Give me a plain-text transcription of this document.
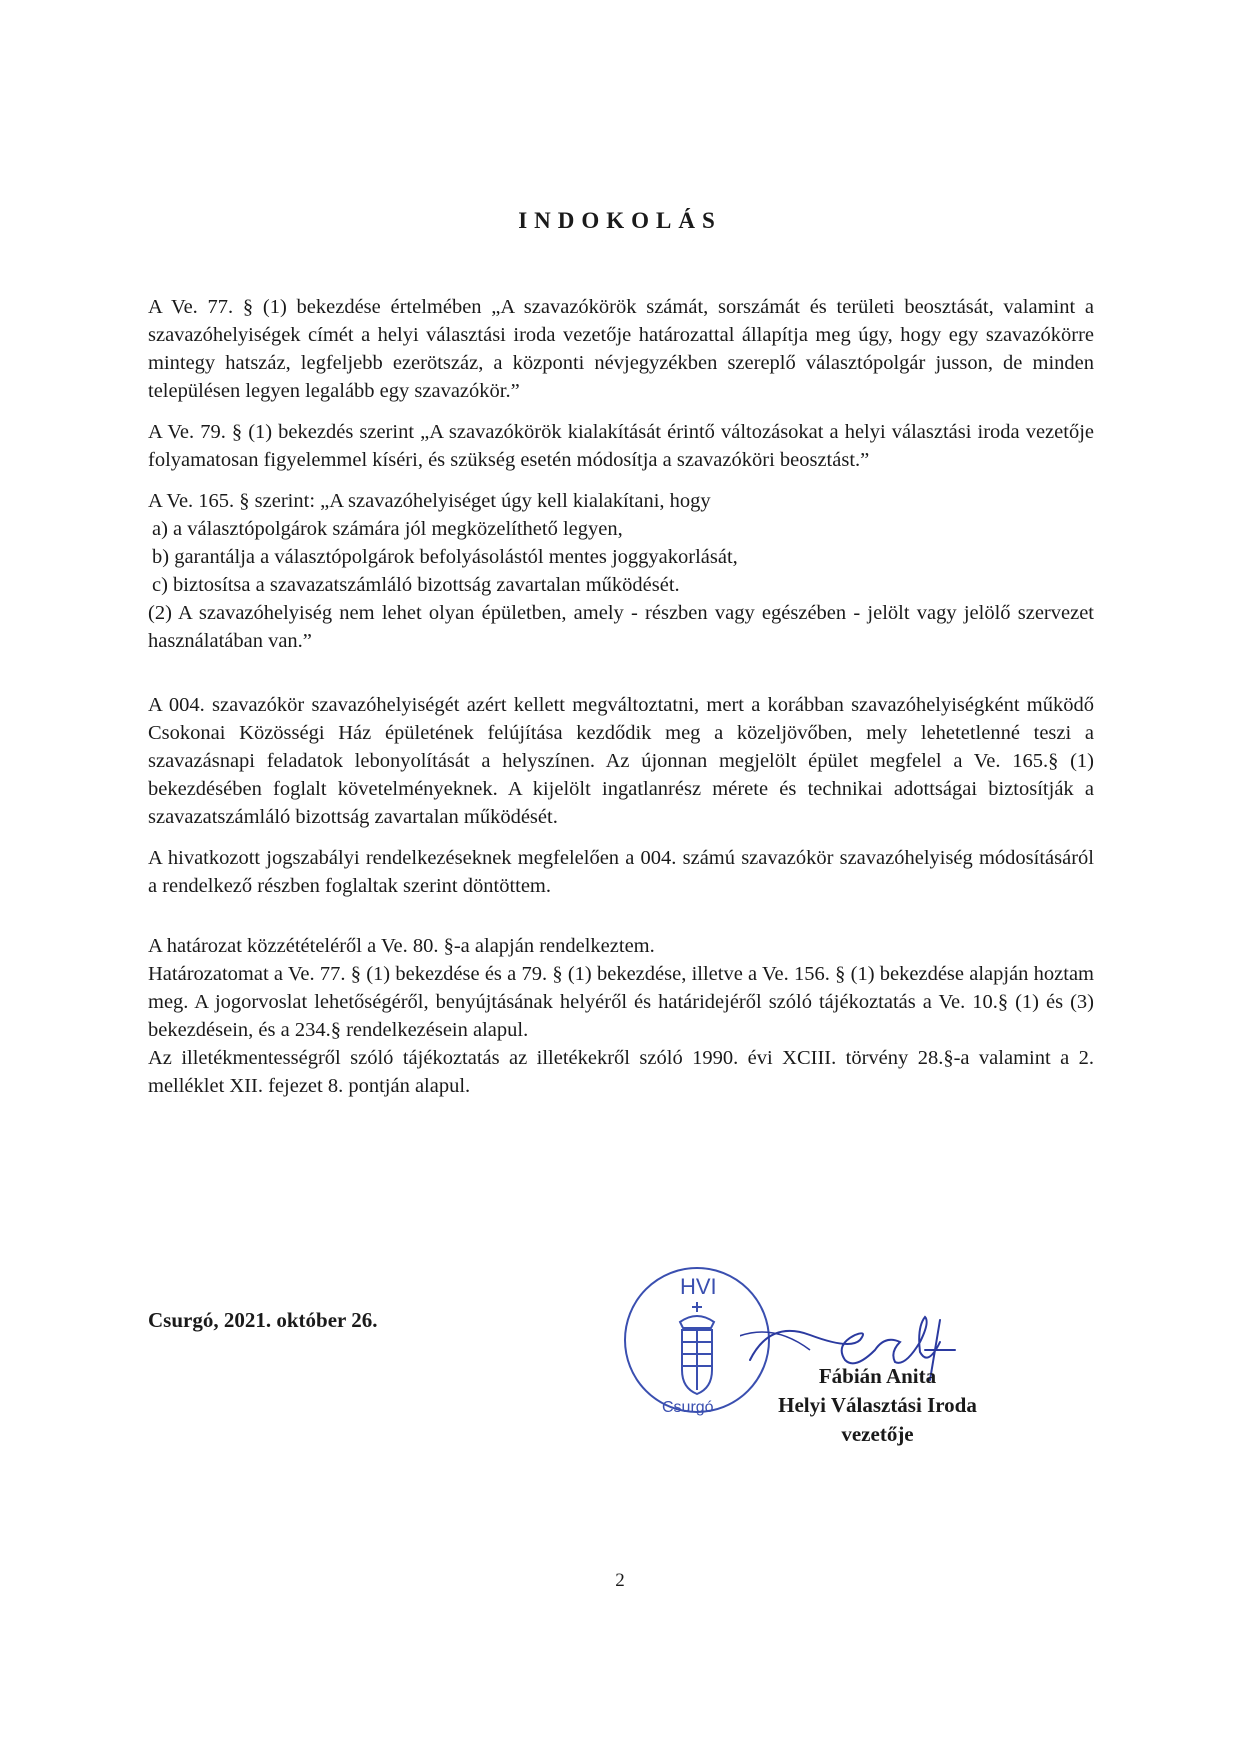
INDOKOLÁS

A Ve. 77. § (1) bekezdése értelmében „A szavazókörök számát, sorszámát és területi beosztását, valamint a szavazóhelyiségek címét a helyi választási iroda vezetője határozattal állapítja meg úgy, hogy egy szavazókörre mintegy hatszáz, legfeljebb ezerötszáz, a központi névjegyzékben szereplő választópolgár jusson, de minden településen legyen legalább egy szavazókör.”

A Ve. 79. § (1) bekezdés szerint „A szavazókörök kialakítását érintő változásokat a helyi választási iroda vezetője folyamatosan figyelemmel kíséri, és szükség esetén módosítja a szavazóköri beosztást.”

A Ve. 165. § szerint: „A szavazóhelyiséget úgy kell kialakítani, hogy

a) a választópolgárok számára jól megközelíthető legyen,

b) garantálja a választópolgárok befolyásolástól mentes joggyakorlását,

c) biztosítsa a szavazatszámláló bizottság zavartalan működését.

(2) A szavazóhelyiség nem lehet olyan épületben, amely - részben vagy egészében - jelölt vagy jelölő szervezet használatában van.”

A 004. szavazókör szavazóhelyiségét azért kellett megváltoztatni, mert a korábban szavazóhelyiségként működő Csokonai Közösségi Ház épületének felújítása kezdődik meg a közeljövőben, mely lehetetlenné teszi a szavazásnapi feladatok lebonyolítását a helyszínen. Az újonnan megjelölt épület megfelel a Ve. 165.§ (1) bekezdésében foglalt követelményeknek. A kijelölt ingatlanrész mérete és technikai adottságai biztosítják a szavazatszámláló bizottság zavartalan működését.

A hivatkozott jogszabályi rendelkezéseknek megfelelően a 004. számú szavazókör szavazóhelyiség módosításáról a rendelkező részben foglaltak szerint döntöttem.

A határozat közzétételéről a Ve. 80. §-a alapján rendelkeztem.

Határozatomat a Ve. 77. § (1) bekezdése és a 79. § (1) bekezdése, illetve a Ve. 156. § (1) bekezdése alapján hoztam meg. A jogorvoslat lehetőségéről, benyújtásának helyéről és határidejéről szóló tájékoztatás a Ve. 10.§ (1) és (3) bekezdésein, és a 234.§ rendelkezésein alapul.

Az illetékmentességről szóló tájékoztatás az illetékekről szóló 1990. évi XCIII. törvény 28.§-a valamint a 2. melléklet XII. fejezet 8. pontján alapul.

Csurgó, 2021. október 26.
HVI
Csurgó
Fábián Anita
Helyi Választási Iroda
vezetője
2
